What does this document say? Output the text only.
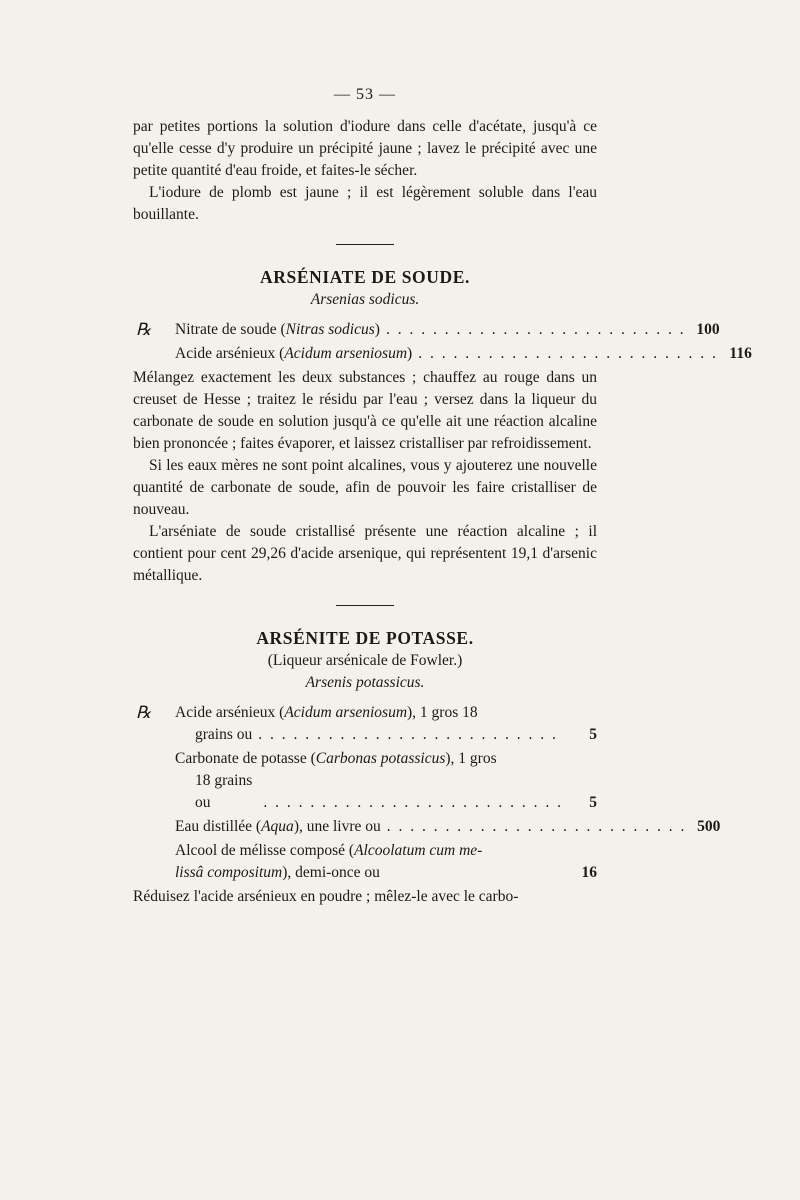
— 53 —

par petites portions la solution d'iodure dans celle d'acétate, jusqu'à ce qu'elle cesse d'y produire un précipité jaune ; lavez le précipité avec une petite quantité d'eau froide, et faites-le sécher.

L'iodure de plomb est jaune ; il est légèrement soluble dans l'eau bouillante.

ARSÉNIATE DE SOUDE.
Arsenias sodicus.
℞ Nitrate de soude (Nitras sodicus) . . . . . . . . . . . . . . . . . . . . . . . . . . 100
Acide arsénieux (Acidum arseniosum) . . . . . . . . . . . . . . . . . . . . . . . . . . 116

Mélangez exactement les deux substances ; chauffez au rouge dans un creuset de Hesse ; traitez le résidu par l'eau ; versez dans la liqueur du carbonate de soude en solution jusqu'à ce qu'elle ait une réaction alcaline bien prononcée ; faites évaporer, et laissez cristalliser par refroidissement.

Si les eaux mères ne sont point alcalines, vous y ajouterez une nouvelle quantité de carbonate de soude, afin de pouvoir les faire cristalliser de nouveau.

L'arséniate de soude cristallisé présente une réaction alcaline ; il contient pour cent 29,26 d'acide arsenique, qui représentent 19,1 d'arsenic métallique.

ARSÉNITE DE POTASSE.
(Liqueur arsénicale de Fowler.)
Arsenis potassicus.
℞ Acide arsénieux (Acidum arseniosum), 1 gros 18
grains ou . . . . . . . . . . . . . . . . . . . . . . . . . .	5
Carbonate de potasse (Carbonas potassicus), 1 gros
18 grains ou	. . . . . . . . . . . . . . . . . . . . . . . . . .	5
Eau distillée (Aqua), une livre ou . . . . . . . . . . . . . . . . . . . . . . . . . . 500
Alcool de mélisse composé (Alcoolatum cum me-
lissâ compositum ), demi-once ou	16

Réduisez l'acide arsénieux en poudre ; mêlez-le avec le carbo-
